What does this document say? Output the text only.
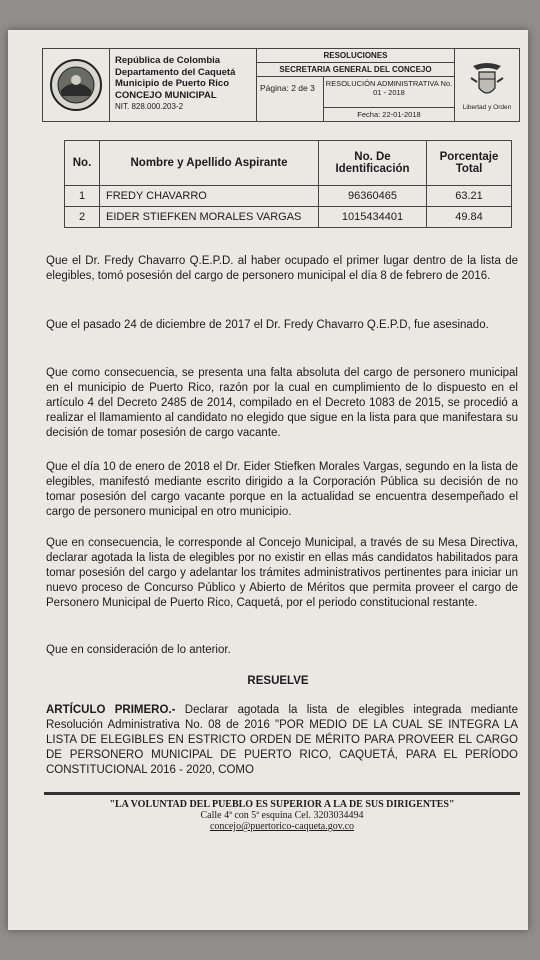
República de Colombia
Departamento del Caquetá
Municipio de Puerto Rico
CONCEJO MUNICIPAL
NIT. 828.000.203-2
RESOLUCIONES
SECRETARIA GENERAL DEL CONCEJO
Página: 2 de 3	RESOLUCIÓN ADMINISTRATIVA No. 01 - 2018
Fecha: 22-01-2018
Libertad y Orden
No.	Nombre y Apellido Aspirante	No. De Identificación	Porcentaje Total
1	FREDY CHAVARRO	96360465	63.21
2	EIDER STIEFKEN MORALES VARGAS	1015434401	49.84
Que el Dr. Fredy Chavarro Q.E.P.D. al haber ocupado el primer lugar dentro de la lista de elegibles, tomó posesión del cargo de personero municipal el día 8 de febrero de 2016.
Que el pasado 24 de diciembre de 2017 el Dr. Fredy Chavarro Q.E.P.D, fue asesinado.
Que como consecuencia, se presenta una falta absoluta del cargo de personero municipal en el municipio de Puerto Rico, razón por la cual en cumplimiento de lo dispuesto en el artículo 4 del Decreto 2485 de 2014, compilado en el Decreto 1083 de 2015, se procedió a realizar el llamamiento al candidato no elegido que sigue en la lista para que manifestara su decisión de tomar posesión de cargo vacante.
Que el día 10 de enero de 2018 el Dr. Eider Stiefken Morales Vargas, segundo en la lista de elegibles, manifestó mediante escrito dirigido a la Corporación Pública su decisión de no tomar posesión del cargo vacante porque en la actualidad se encuentra desempeñado el cargo de personero municipal en otro municipio.
Que en consecuencia, le corresponde al Concejo Municipal, a través de su Mesa Directiva, declarar agotada la lista de elegibles por no existir en ellas más candidatos habilitados para tomar posesión del cargo y adelantar los trámites administrativos pertinentes para iniciar un nuevo proceso de Concurso Público y Abierto de Méritos que permita proveer el cargo de Personero Municipal de Puerto Rico, Caquetá, por el periodo constitucional restante.
Que en consideración de lo anterior.
RESUELVE
ARTÍCULO PRIMERO.- Declarar agotada la lista de elegibles integrada mediante Resolución Administrativa No. 08 de 2016 "POR MEDIO DE LA CUAL SE INTEGRA LA LISTA DE ELEGIBLES EN ESTRICTO ORDEN DE MÉRITO PARA PROVEER EL CARGO DE PERSONERO MUNICIPAL DE PUERTO RICO, CAQUETÁ, PARA EL PERÍODO CONSTITUCIONAL 2016 - 2020, COMO
"LA VOLUNTAD DEL PUEBLO ES SUPERIOR A LA DE SUS DIRIGENTES"
Calle 4ª con 5ª esquina Cel. 3203034494
concejo@puertorico-caqueta.gov.co
